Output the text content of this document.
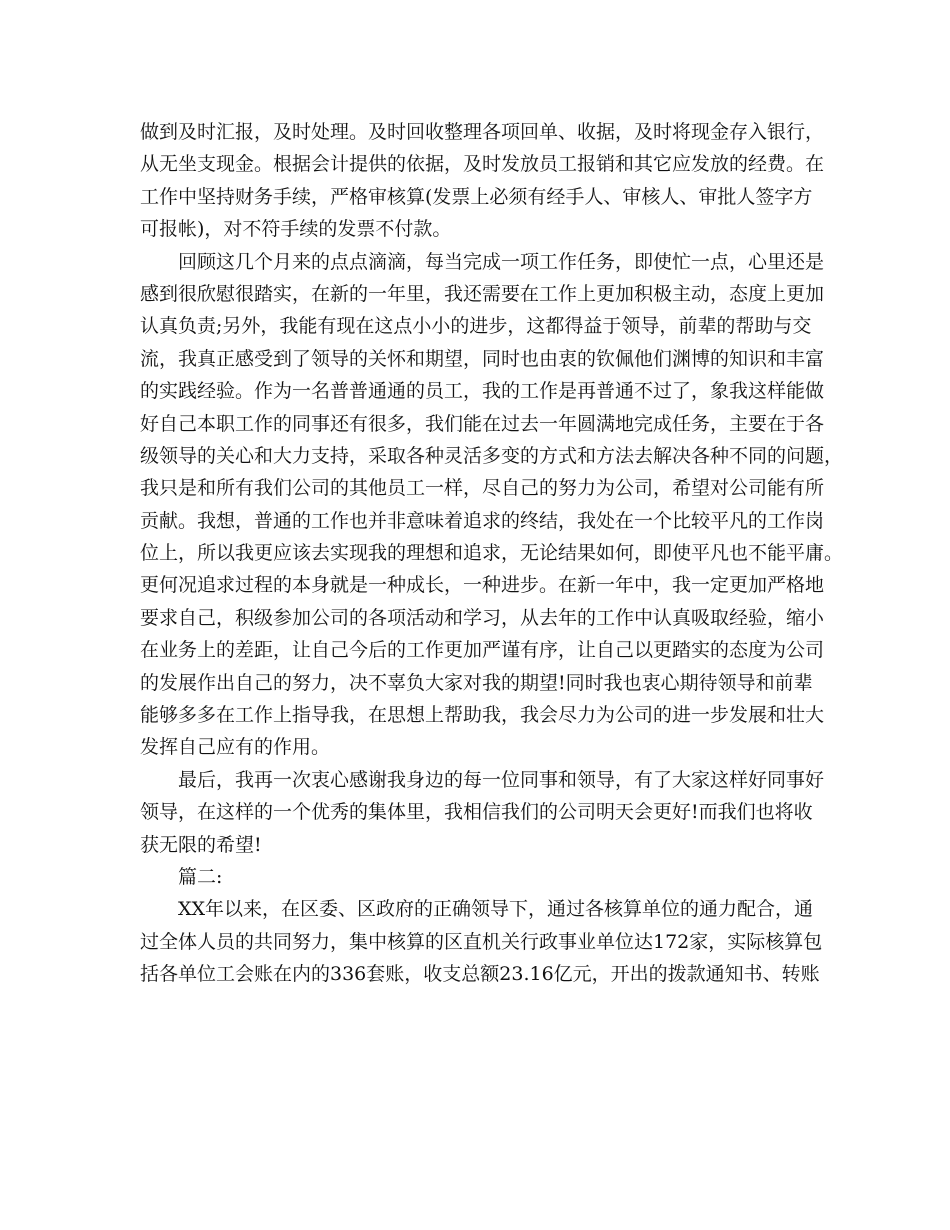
做到及时汇报，及时处理。及时回收整理各项回单、收据，及时将现金存入银行，
从无坐支现金。根据会计提供的依据，及时发放员工报销和其它应发放的经费。在
工作中坚持财务手续，严格审核算(发票上必须有经手人、审核人、审批人签字方
可报帐)，对不符手续的发票不付款。
回顾这几个月来的点点滴滴，每当完成一项工作任务，即使忙一点，心里还是
感到很欣慰很踏实，在新的一年里，我还需要在工作上更加积极主动，态度上更加
认真负责;另外，我能有现在这点小小的进步，这都得益于领导，前辈的帮助与交
流，我真正感受到了领导的关怀和期望，同时也由衷的钦佩他们渊博的知识和丰富
的实践经验。作为一名普普通通的员工，我的工作是再普通不过了，象我这样能做
好自己本职工作的同事还有很多，我们能在过去一年圆满地完成任务，主要在于各
级领导的关心和大力支持，采取各种灵活多变的方式和方法去解决各种不同的问题，
我只是和所有我们公司的其他员工一样，尽自己的努力为公司，希望对公司能有所
贡献。我想，普通的工作也并非意味着追求的终结，我处在一个比较平凡的工作岗
位上，所以我更应该去实现我的理想和追求，无论结果如何，即使平凡也不能平庸。
更何况追求过程的本身就是一种成长，一种进步。在新一年中，我一定更加严格地
要求自己，积级参加公司的各项活动和学习，从去年的工作中认真吸取经验，缩小
在业务上的差距，让自己今后的工作更加严谨有序，让自己以更踏实的态度为公司
的发展作出自己的努力，决不辜负大家对我的期望!同时我也衷心期待领导和前辈
能够多多在工作上指导我，在思想上帮助我，我会尽力为公司的进一步发展和壮大
发挥自己应有的作用。
最后，我再一次衷心感谢我身边的每一位同事和领导，有了大家这样好同事好
领导，在这样的一个优秀的集体里，我相信我们的公司明天会更好!而我们也将收
获无限的希望!
篇二:
XX年以来，在区委、区政府的正确领导下，通过各核算单位的通力配合，通
过全体人员的共同努力，集中核算的区直机关行政事业单位达172家，实际核算包
括各单位工会账在内的336套账，收支总额23.16亿元，开出的拨款通知书、转账
